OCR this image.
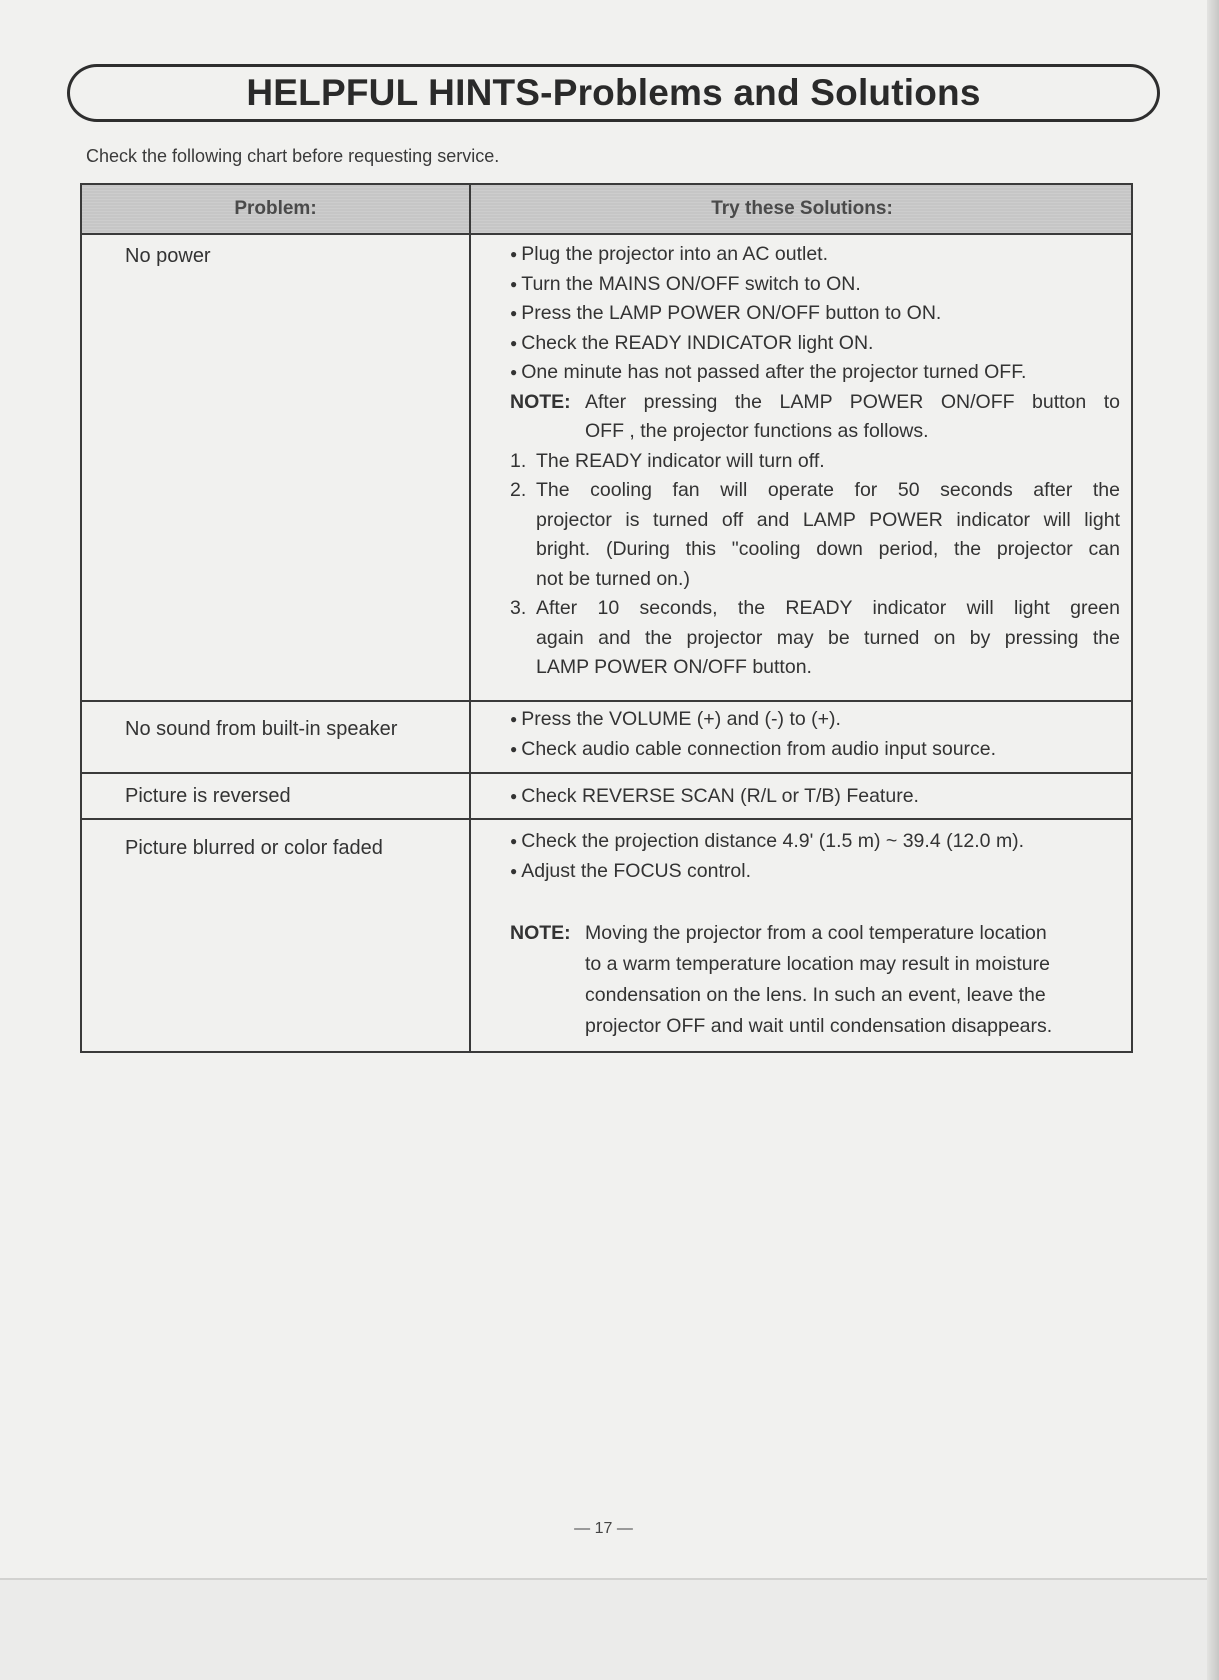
HELPFUL HINTS-Problems and Solutions
Check the following chart before requesting service.
Problem:	Try these Solutions:
No power	● Plug the projector into an AC outlet.
● Turn the MAINS ON/OFF switch to ON.
● Press the LAMP POWER ON/OFF button to ON.
● Check the READY INDICATOR light ON.
● One minute has not passed after the projector turned OFF.
NOTE: After pressing the LAMP POWER ON/OFF button to
OFF , the projector functions as follows.
1. The READY indicator will turn off.
2. The cooling fan will operate for 50 seconds after the
projector is turned off and LAMP POWER indicator will light
bright. (During this "cooling down period, the projector can
not be turned on.)
3. After 10 seconds, the READY indicator will light green
again and the projector may be turned on by pressing the
LAMP POWER ON/OFF button.
No sound from built-in speaker	● Press the VOLUME (+) and (-) to (+).
● Check audio cable connection from audio input source.
Picture is reversed	● Check REVERSE SCAN (R/L or T/B) Feature.
Picture blurred or color faded	● Check the projection distance 4.9' (1.5 m) ~ 39.4 (12.0 m).
● Adjust the FOCUS control.
NOTE: Moving the projector from a cool temperature location
to a warm temperature location may result in moisture
condensation on the lens. In such an event, leave the
projector OFF and wait until condensation disappears.
— 17 —
